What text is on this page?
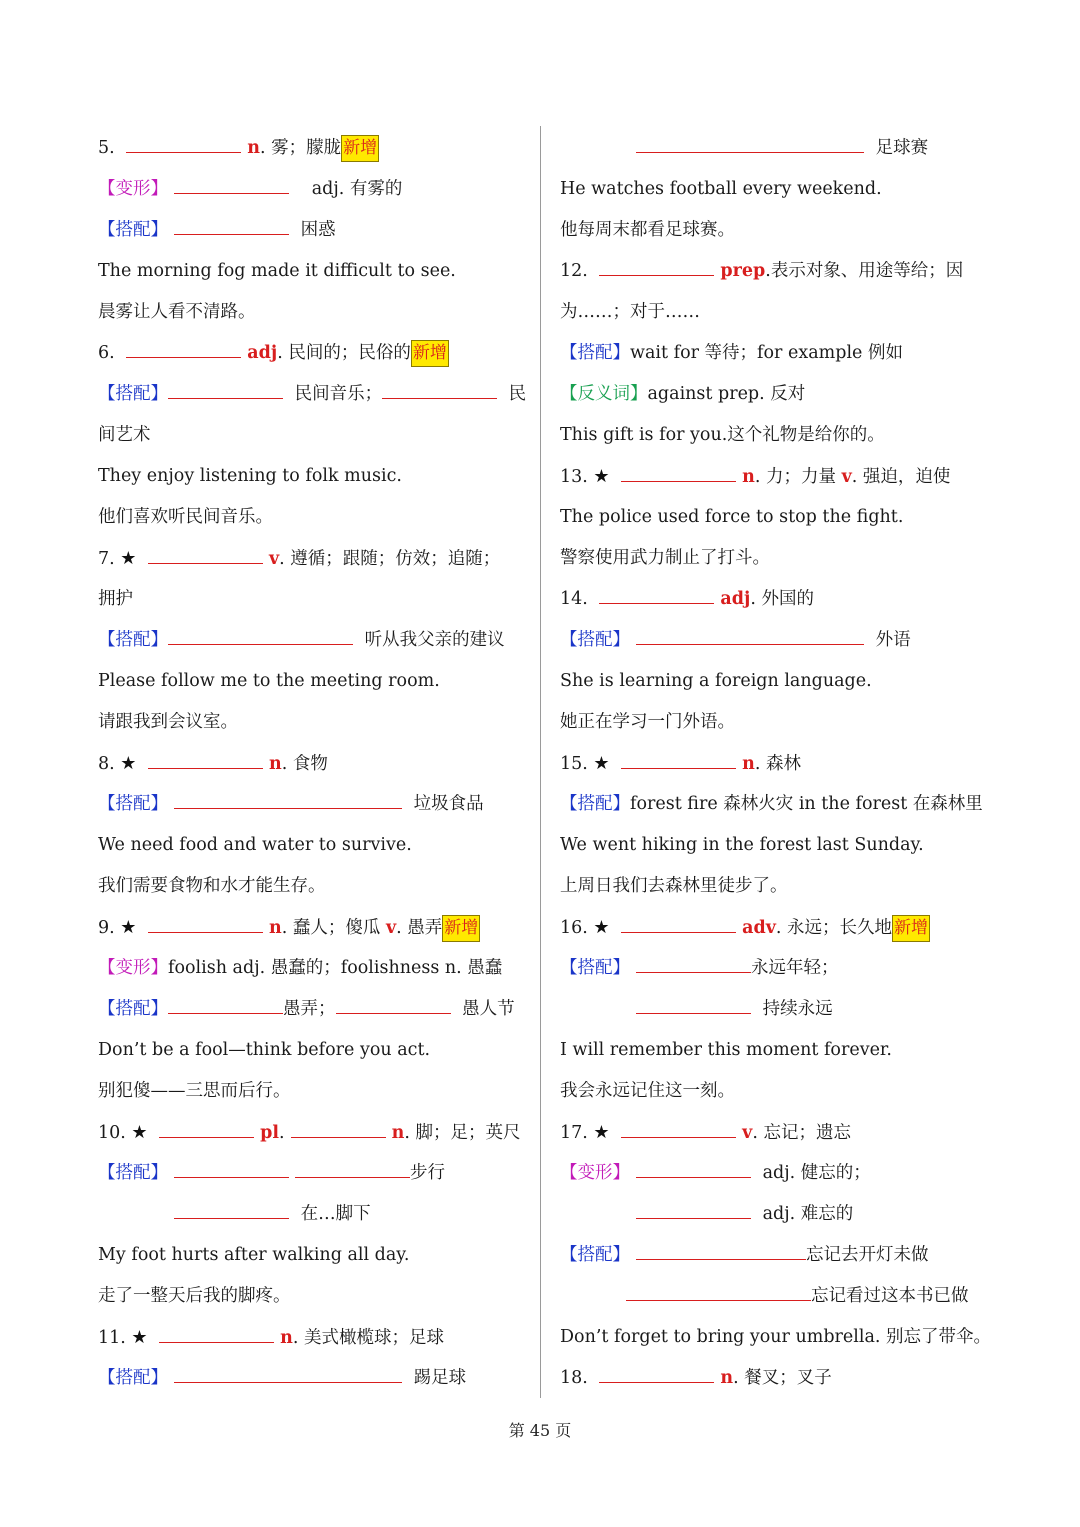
5.	n. 雾；朦胧 新增
【变形】	adj. 有雾的
【搭配】	困惑
The morning fog made it difficult to see.
晨雾让人看不清路。
6.	adj. 民间的；民俗的 新增
【搭配】	民间音乐；	民
间艺术
They enjoy listening to folk music.
他们喜欢听民间音乐。
7. ★	v. 遵循；跟随；仿效；追随；
拥护
【搭配】	听从我父亲的建议
Please follow me to the meeting room.
请跟我到会议室。
8. ★	n. 食物
【搭配】	垃圾食品
We need food and water to survive.
我们需要食物和水才能生存。
9. ★	n. 蠢人；傻瓜 v. 愚弄 新增
【变形】foolish adj. 愚蠢的；foolishness n. 愚蠢
【搭配】	愚弄；	愚人节
Don’t be a fool—think before you act.
别犯傻——三思而后行。
10. ★	pl.	n. 脚；足；英尺
【搭配】	步行
在…脚下
My foot hurts after walking all day.
走了一整天后我的脚疼。
11. ★	n. 美式橄榄球；足球
【搭配】	踢足球
足球赛
He watches football every weekend.
他每周末都看足球赛。
12.	prep.表示对象、用途等给；因
为……；对于……
【搭配】wait for 等待；for example 例如
【反义词】against prep. 反对
This gift is for you.这个礼物是给你的。
13. ★	n. 力；力量 v. 强迫，迫使
The police used force to stop the fight.
警察使用武力制止了打斗。
14.	adj. 外国的
【搭配】	外语
She is learning a foreign language.
她正在学习一门外语。
15. ★	n. 森林
【搭配】forest fire 森林火灾 in the forest 在森林里
We went hiking in the forest last Sunday.
上周日我们去森林里徒步了。
16. ★	adv. 永远；长久地 新增
【搭配】	永远年轻；
持续永远
I will remember this moment forever.
我会永远记住这一刻。
17. ★	v. 忘记；遗忘
【变形】	adj. 健忘的；
adj. 难忘的
【搭配】	忘记去开灯未做
忘记看过这本书已做
Don’t forget to bring your umbrella. 别忘了带伞。
18.	n. 餐叉；叉子
第 45 页
